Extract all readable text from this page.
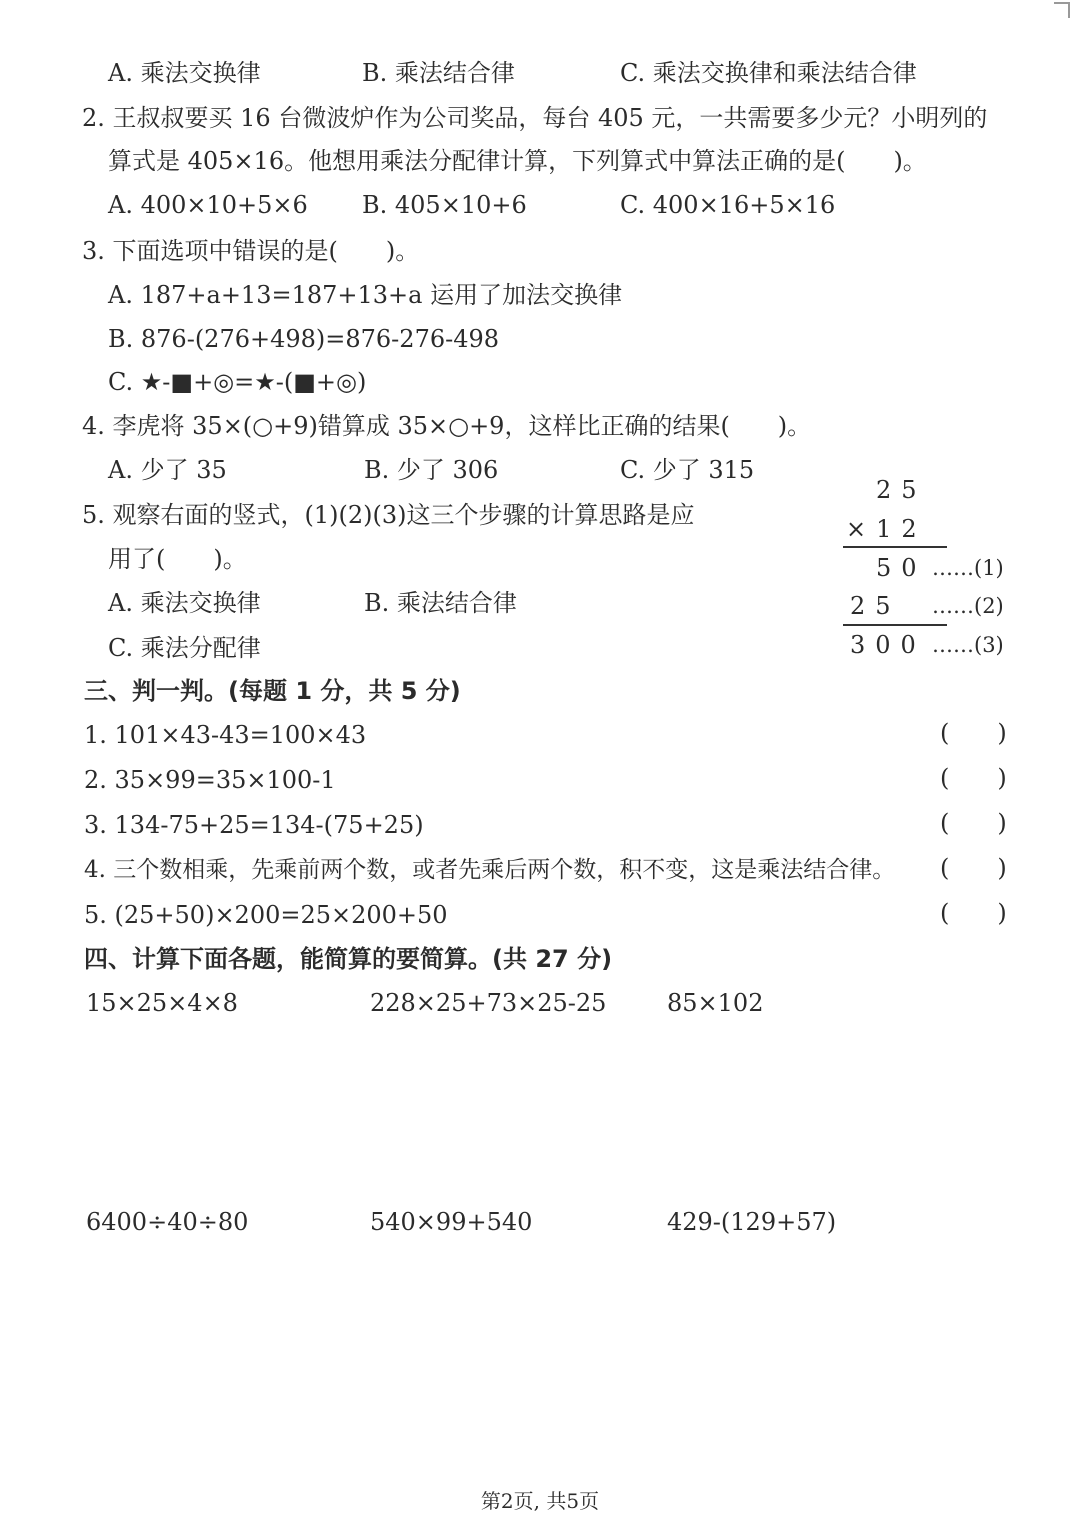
A. 乘法交换律	B. 乘法结合律	C. 乘法交换律和乘法结合律
2. 王叔叔要买 16 台微波炉作为公司奖品，每台 405 元，一共需要多少元？小明列的
算式是 405×16。他想用乘法分配律计算，下列算式中算法正确的是(　　)。
A. 400×10+5×6 B. 405×10+6	C. 400×16+5×16
3. 下面选项中错误的是(　　)。
A. 187+a+13=187+13+a 运用了加法交换律
B. 876-(276+498)=876-276-498
C. ★-■+◎=★-(■+◎)
4. 李虎将 35×(○+9)错算成 35×○+9，这样比正确的结果(　　)。
A. 少了 35	B. 少了 306	C. 少了 315
5. 观察右面的竖式，(1)(2)(3)这三个步骤的计算思路是应
用了(　　)。
A. 乘法交换律	B. 乘法结合律
C. 乘法分配律
25
×12
50 ……(1)
25 ……(2)
300 ……(3)
三、判一判。(每题 1 分，共 5 分)
1. 101×43-43=100×43	(　　)
2. 35×99=35×100-1	(　　)
3. 134-75+25=134-(75+25)	(　　)
4. 三个数相乘，先乘前两个数，或者先乘后两个数，积不变，这是乘法结合律。 (　　)
5. (25+50)×200=25×200+50	(　　)
四、计算下面各题，能简算的要简算。(共 27 分)
15×25×4×8	228×25+73×25-25	85×102
6400÷40÷80	540×99+540	429-(129+57)
第2页, 共5页
